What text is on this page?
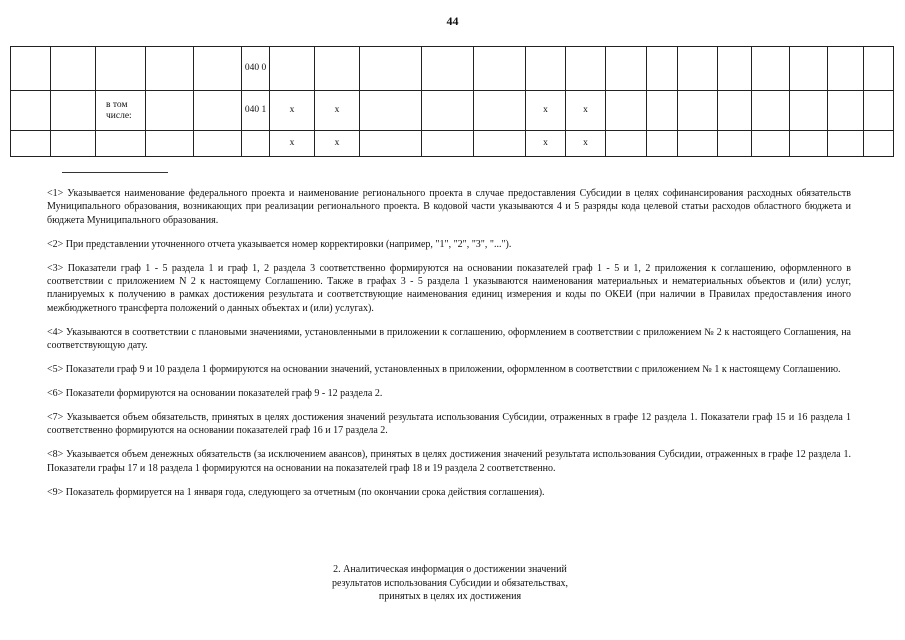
44
					040 0															
		в том числе:			040 1	x	x				x	x								
						x	x				x	x								

<1> Указывается наименование федерального проекта и наименование регионального проекта в случае предоставления Субсидии в целях софинансирования расходных обязательств Муниципального образования, возникающих при реализации регионального проекта. В кодовой части указываются 4 и 5 разряды кода целевой статьи расходов областного бюджета и бюджета Муниципального образования.

<2> При представлении уточненного отчета указывается номер корректировки (например, "1", "2", "3", "...").

<3> Показатели граф 1 - 5 раздела 1 и граф 1, 2 раздела 3 соответственно формируются на основании показателей граф 1 - 5 и 1, 2 приложения к соглашению, оформленного в соответствии с приложением N 2 к настоящему Соглашению. Также в графах 3 - 5 раздела 1 указываются наименования материальных и нематериальных объектов и (или) услуг, планируемых к получению в рамках достижения результата и соответствующие наименования единиц измерения и коды по ОКЕИ (при наличии в Правилах предоставления иного межбюджетного трансферта положений о данных объектах и (или) услугах).

<4> Указываются в соответствии с плановыми значениями, установленными в приложении к соглашению, оформлением в соответствии с приложением № 2 к настоящего Соглашения, на соответствующую дату.

<5> Показатели граф 9 и 10 раздела 1 формируются на основании значений, установленных в приложении, оформленном в соответствии с приложением № 1 к настоящему Соглашению.

<6> Показатели формируются на основании показателей граф 9 - 12 раздела 2.

<7> Указывается объем обязательств, принятых в целях достижения значений результата использования Субсидии, отраженных в графе 12 раздела 1. Показатели граф 15 и 16 раздела 1 соответственно формируются на основании показателей граф 16 и 17 раздела 2.

<8> Указывается объем денежных обязательств (за исключением авансов), принятых в целях достижения значений результата использования Субсидии, отраженных в графе 12 раздела 1. Показатели графы 17 и 18 раздела 1 формируются на основании на показателей граф 18 и 19 раздела 2 соответственно.

<9> Показатель формируется на 1 января года, следующего за отчетным (по окончании срока действия соглашения).

2. Аналитическая информация о достижении значений
результатов использования Субсидии и обязательствах,
принятых в целях их достижения
